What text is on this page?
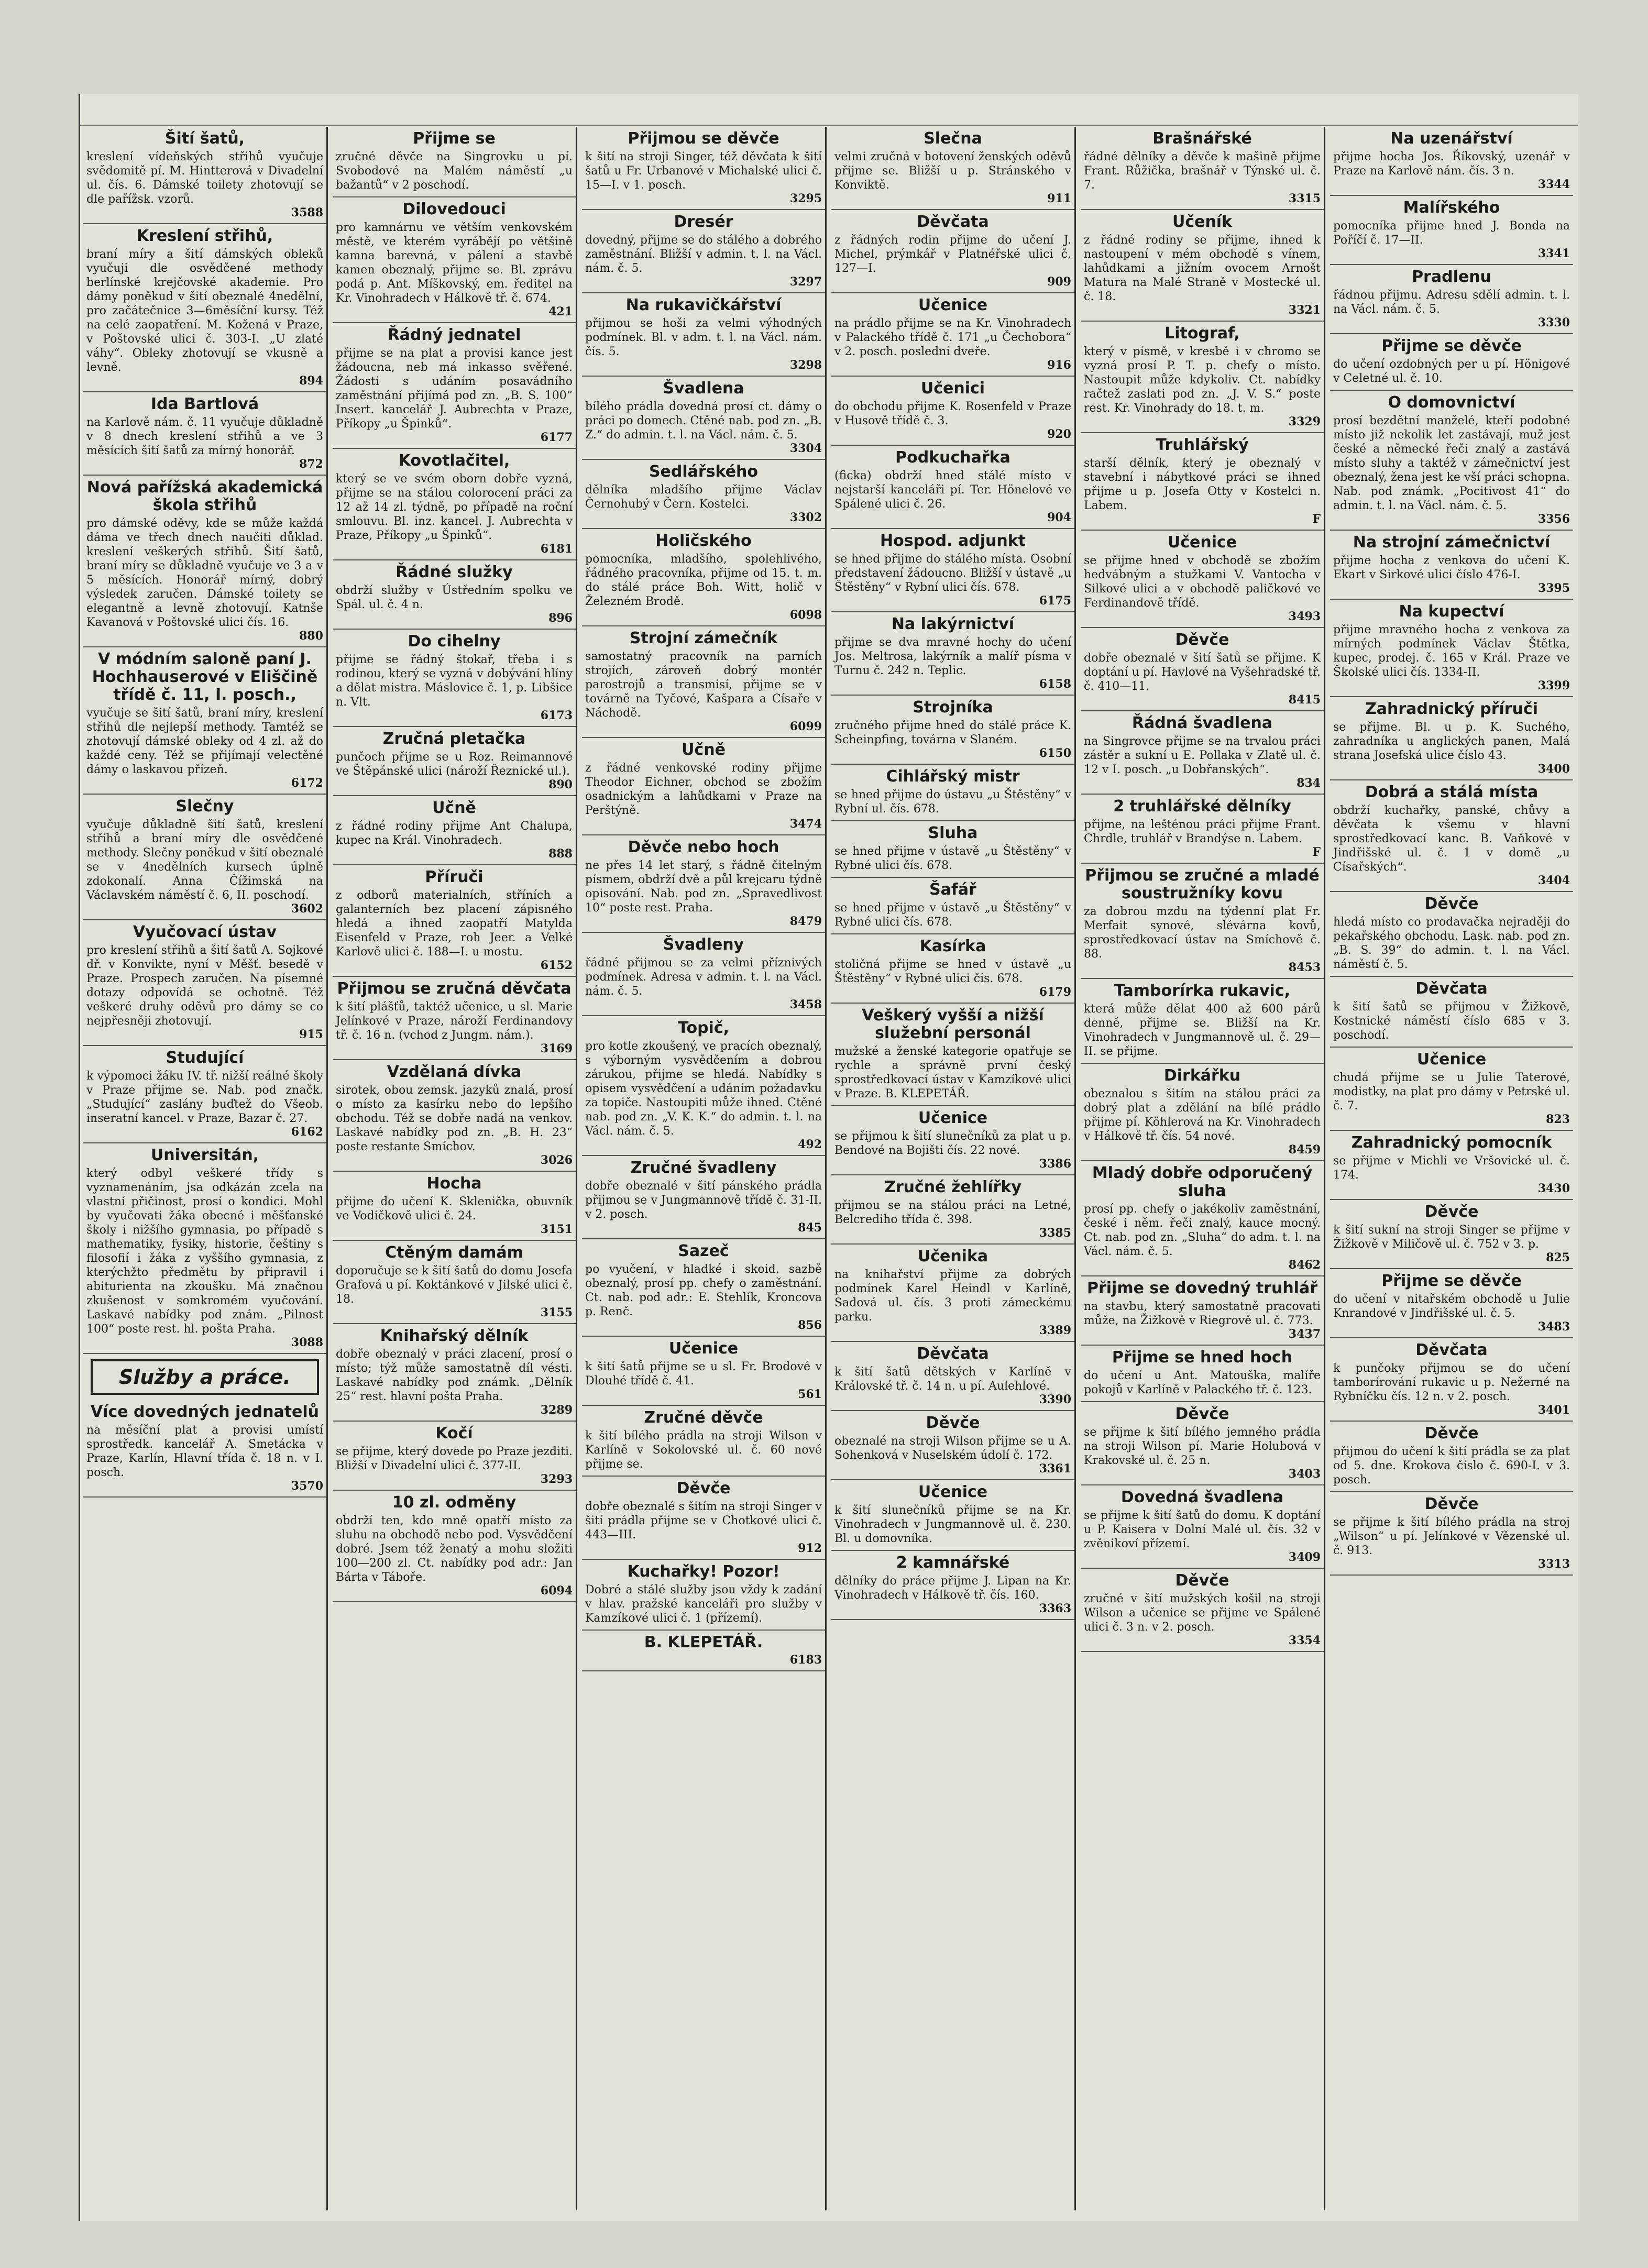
Šití šatů,

kreslení vídeňských střihů vyučuje svědomitě pí. M. Hintterová v Divadelní ul. čís. 6. Dámské toilety zhotovují se dle pařížsk. vzorů.

3588
Kreslení střihů,

braní míry a šití dámských obleků vyučuji dle osvědčené methody berlínské krejčovské akademie. Pro dámy poněkud v šití obeznalé 4nedělní, pro začátečnice 3—6měsíční kursy. Též na celé zaopatření. M. Kožená v Praze, v Poštovské ulici č. 303-I. „U zlaté váhy“. Obleky zhotovují se vkusně a levně.

894
Ida Bartlová

na Karlově nám. č. 11 vyučuje důkladně v 8 dnech kreslení střihů a ve 3 měsících šití šatů za mírný honorář.

872
Nová pařížská akademická škola střihů

pro dámské oděvy, kde se může každá dáma ve třech dnech naučiti důklad. kreslení veškerých střihů. Šití šatů, braní míry se důkladně vyučuje ve 3 a v 5 měsících. Honorář mírný, dobrý výsledek zaručen. Dámské toilety se elegantně a levně zhotovují. Katnše Kavanová v Poštovské ulici čís. 16.

880
V módním saloně paní J. Hochhauserové v Eliščině třídě č. 11, I. posch.,

vyučuje se šití šatů, braní míry, kreslení střihů dle nejlepší methody. Tamtéž se zhotovují dámské obleky od 4 zl. až do každé ceny. Též se přijímají velectěné dámy o laskavou přízeň.

6172
Slečny

vyučuje důkladně šití šatů, kreslení střihů a braní míry dle osvědčené methody. Slečny poněkud v šití obeznalé se v 4nedělních kursech úplně zdokonalí. Anna Čížimská na Václavském náměstí č. 6, II. poschodí.

3602
Vyučovací ústav

pro kreslení střihů a šití šatů A. Sojkové dř. v Konvikte, nyní v Měšť. besedě v Praze. Prospech zaručen. Na písemné dotazy odpovídá se ochotně. Též veškeré druhy oděvů pro dámy se co nejpřesněji zhotovují.

915
Studující

k výpomoci žáku IV. tř. nižší reálné školy v Praze přijme se. Nab. pod značk. „Studující“ zaslány buďtež do Všeob. inseratní kancel. v Praze, Bazar č. 27.

6162
Universitán,

který odbyl veškeré třídy s vyznamenáním, jsa odkázán zcela na vlastní přičinost, prosí o kondici. Mohl by vyučovati žáka obecné i měšťanské školy i nižšího gymnasia, po případě s mathematiky, fysiky, historie, češtiny s filosofií i žáka z vyššího gymnasia, z kterýchžto předmětu by připravil i abiturienta na zkoušku. Má značnou zkušenost v somkromém vyučování. Laskavé nabídky pod znám. „Pilnost 100“ poste rest. hl. pošta Praha.

3088
Služby a práce.
Více dovedných jednatelů

na měsíční plat a provisi umístí sprostředk. kancelář A. Smetácka v Praze, Karlín, Hlavní třída č. 18 n. v I. posch.

3570
Přijme se

zručné děvče na Singrovku u pí. Svobodové na Malém náměstí „u bažantů“ v 2 poschodí.

Dilovedouci

pro kamnárnu ve větším venkovském městě, ve kterém vyrábějí po většině kamna barevná, v pálení a stavbě kamen obeznalý, přijme se. Bl. zprávu podá p. Ant. Míškovský, em. ředitel na Kr. Vinohradech v Hálkově tř. č. 674.

421
Řádný jednatel

přijme se na plat a provisi kance jest žádoucna, neb má inkasso svěřené. Žádosti s udáním posavádního zaměstnání přijímá pod zn. „B. S. 100“ Insert. kancelář J. Aubrechta v Praze, Příkopy „u Špinků“.

6177
Kovotlačitel,

který se ve svém oborn dobře vyzná, přijme se na stálou colorocení práci za 12 až 14 zl. týdně, po případě na roční smlouvu. Bl. inz. kancel. J. Aubrechta v Praze, Příkopy „u Špinků“.

6181
Řádné služky

obdrží služby v Ústředním spolku ve Spál. ul. č. 4 n.

896
Do cihelny

přijme se řádný štokař, třeba i s rodinou, který se vyzná v dobývání hlíny a dělat mistra. Máslovice č. 1, p. Libšice n. Vlt.

6173
Zručná pletačka

punčoch přijme se u Roz. Reimannové ve Štěpánské ulici (nároží Řeznické ul.).

890
Učně

z řádné rodiny přijme Ant Chalupa, kupec na Král. Vinohradech.

888
Příruči

z odborů materialních, stříních a galanterních bez placení zápisného hledá a ihned zaopatří Matylda Eisenfeld v Praze, roh Jeer. a Velké Karlově ulici č. 188—I. u mostu.

6152
Přijmou se zručná děvčata

k šití plášťů, taktéž učenice, u sl. Marie Jelínkové v Praze, nároží Ferdinandovy tř. č. 16 n. (vchod z Jungm. nám.).

3169
Vzdělaná dívka

sirotek, obou zemsk. jazyků znalá, prosí o místo za kasírku nebo do lepšího obchodu. Též se dobře nadá na venkov. Laskavé nabídky pod zn. „B. H. 23“ poste restante Smíchov.

3026
Hocha

přijme do učení K. Sklenička, obuvník ve Vodičkově ulici č. 24.

3151
Ctěným damám

doporučuje se k šití šatů do domu Josefa Grafová u pí. Koktánkové v Jilské ulici č. 18.

3155
Knihařský dělník

dobře obeznalý v práci zlacení, prosí o místo; týž může samostatně díl vésti. Laskavé nabídky pod známk. „Dělník 25“ rest. hlavní pošta Praha.

3289
Kočí

se přijme, který dovede po Praze jezditi. Bližší v Divadelní ulici č. 377-II.

3293
10 zl. odměny

obdrží ten, kdo mně opatří místo za sluhu na obchodě nebo pod. Vysvědčení dobré. Jsem též ženatý a mohu složiti 100—200 zl. Ct. nabídky pod adr.: Jan Bárta v Táboře.

6094
Přijmou se děvče

k šití na stroji Singer, též děvčata k šití šatů u Fr. Urbanové v Michalské ulici č. 15—I. v 1. posch.

3295
Dresér

dovedný, přijme se do stálého a dobrého zaměstnání. Bližší v admin. t. l. na Václ. nám. č. 5.

3297
Na rukavičkářství

přijmou se hoši za velmi výhodných podmínek. Bl. v adm. t. l. na Václ. nám. čís. 5.

3298
Švadlena

bílého prádla dovedná prosí ct. dámy o práci po domech. Ctěné nab. pod zn. „B. Z.“ do admin. t. l. na Václ. nám. č. 5.

3304
Sedlářského

dělníka mladšího přijme Václav Černohubý v Čern. Kostelci.

3302
Holičského

pomocníka, mladšího, spolehlivého, řádného pracovníka, přijme od 15. t. m. do stálé práce Boh. Witt, holič v Železném Brodě.

6098
Strojní zámečník

samostatný pracovník na parních strojích, zároveň dobrý montér parostrojů a transmisí, přijme se v továrně na Tyčové, Kašpara a Císaře v Náchodě.

6099
Učně

z řádné venkovské rodiny přijme Theodor Eichner, obchod se zbožím osadnickým a lahůdkami v Praze na Perštýně.

3474
Děvče nebo hoch

ne přes 14 let starý, s řádně čitelným písmem, obdrží dvě a půl krejcaru týdně opisování. Nab. pod zn. „Spravedlivost 10“ poste rest. Praha.

8479
Švadleny

řádné přijmou se za velmi příznivých podmínek. Adresa v admin. t. l. na Václ. nám. č. 5.

3458
Topič,

pro kotle zkoušený, ve pracích obeznalý, s výborným vysvědčením a dobrou zárukou, přijme se hledá. Nabídky s opisem vysvědčení a udáním požadavku za topiče. Nastoupiti může ihned. Ctěné nab. pod zn. „V. K. K.“ do admin. t. l. na Václ. nám. č. 5.

492
Zručné švadleny

dobře obeznalé v šití pánského prádla přijmou se v Jungmannově třídě č. 31-II. v 2. posch.

845
Sazeč

po vyučení, v hladké i skoid. sazbě obeznalý, prosí pp. chefy o zaměstnání. Ct. nab. pod adr.: E. Stehlík, Kroncova p. Renč.

856
Učenice

k šití šatů přijme se u sl. Fr. Brodové v Dlouhé třídě č. 41.

561
Zručné děvče

k šití bílého prádla na stroji Wilson v Karlíně v Sokolovské ul. č. 60 nové přijme se.

Děvče

dobře obeznalé s šitím na stroji Singer v šití prádla přijme se v Chotkové ulici č. 443—III.

912
Kuchařky! Pozor!

Dobré a stálé služby jsou vždy k zadání v hlav. pražské kanceláři pro služby v Kamzíkové ulici č. 1 (přízemí).

B. KLEPETÁŘ.
6183
Slečna

velmi zručná v hotovení ženských oděvů přijme se. Bližší u p. Stránského v Konviktě.

911
Děvčata

z řádných rodin přijme do učení J. Michel, prýmkář v Platnéřské ulici č. 127—I.

909
Učenice

na prádlo přijme se na Kr. Vinohradech v Palackého třídě č. 171 „u Čechobora“ v 2. posch. poslední dveře.

916
Učenici

do obchodu přijme K. Rosenfeld v Praze v Husově třídě č. 3.

920
Podkuchařka

(ficka) obdrží hned stálé místo v nejstarší kanceláři pí. Ter. Hönelové ve Spálené ulici č. 26.

904
Hospod. adjunkt

se hned přijme do stálého místa. Osobní představení žádoucno. Bližší v ústavě „u Štěstěny“ v Rybní ulici čís. 678.

6175
Na lakýrnictví

přijme se dva mravné hochy do učení Jos. Meltrosa, lakýrník a malíř písma v Turnu č. 242 n. Teplic.

6158
Strojníka

zručného přijme hned do stálé práce K. Scheinpfing, továrna v Slaném.

6150
Cihlářský mistr

se hned přijme do ústavu „u Štěstěny“ v Rybní ul. čís. 678.

Sluha

se hned přijme v ústavě „u Štěstěny“ v Rybné ulici čís. 678.

Šafář

se hned přijme v ústavě „u Štěstěny“ v Rybné ulici čís. 678.

Kasírka

stoličná přijme se hned v ústavě „u Štěstěny“ v Rybné ulici čís. 678.

6179
Veškerý vyšší a nižší služební personál

mužské a ženské kategorie opatřuje se rychle a správně první český sprostředkovací ústav v Kamzíkové ulici v Praze. B. KLEPETÁŘ.

Učenice

se přijmou k šití slunečníků za plat u p. Bendové na Bojišti čís. 22 nové.

3386
Zručné žehlířky

přijmou se na stálou práci na Letné, Belcrediho třída č. 398.

3385
Učenika

na knihařství přijme za dobrých podmínek Karel Heindl v Karlíně, Sadová ul. čís. 3 proti zámeckému parku.

3389
Děvčata

k šití šatů dětských v Karlíně v Královské tř. č. 14 n. u pí. Aulehlové.

3390
Děvče

obeznalé na stroji Wilson přijme se u A. Sohenková v Nuselském údolí č. 172.

3361
Učenice

k šití slunečníků přijme se na Kr. Vinohradech v Jungmannově ul. č. 230. Bl. u domovníka.

2 kamnářské

dělníky do práce přijme J. Lipan na Kr. Vinohradech v Hálkově tř. čís. 160.

3363
Brašnářské

řádné dělníky a děvče k mašině přijme Frant. Růžička, brašnář v Týnské ul. č. 7.

3315
Učeník

z řádné rodiny se přijme, ihned k nastoupení v mém obchodě s vínem, lahůdkami a jižním ovocem Arnošt Matura na Malé Straně v Mostecké ul. č. 18.

3321
Litograf,

který v písmě, v kresbě i v chromo se vyzná prosí P. T. p. chefy o místo. Nastoupit může kdykoliv. Ct. nabídky račtež zaslati pod zn. „J. V. S.“ poste rest. Kr. Vinohrady do 18. t. m.

3329
Truhlářský

starší dělník, který je obeznalý v stavební i nábytkové práci se ihned přijme u p. Josefa Otty v Kostelci n. Labem.

F
Učenice

se přijme hned v obchodě se zbožím hedvábným a stužkami V. Vantocha v Silkové ulici a v obchodě paličkové ve Ferdinandově třídě.

3493
Děvče

dobře obeznalé v šití šatů se přijme. K doptání u pí. Havlové na Vyšehradské tř. č. 410—11.

8415
Řádná švadlena

na Singrovce přijme se na trvalou práci zástěr a sukní u E. Pollaka v Zlatě ul. č. 12 v I. posch. „u Dobřanských“.

834
2 truhlářské dělníky

přijme, na lešténou práci přijme Frant. Chrdle, truhlář v Brandýse n. Labem.

F
Přijmou se zručné a mladé soustružníky kovu

za dobrou mzdu na týdenní plat Fr. Merfait synové, slévárna kovů, sprostředkovací ústav na Smíchově č. 88.

8453
Tamborírka rukavic,

která může dělat 400 až 600 párů denně, přijme se. Bližší na Kr. Vinohradech v Jungmannově ul. č. 29—II. se přijme.

Dirkářku

obeznalou s šitím na stálou práci za dobrý plat a zdělání na bílé prádlo přijme pí. Köhlerová na Kr. Vinohradech v Hálkově tř. čís. 54 nové.

8459
Mladý dobře odporučený sluha

prosí pp. chefy o jakékoliv zaměstnání, české i něm. řeči znalý, kauce mocný. Ct. nab. pod zn. „Sluha“ do adm. t. l. na Václ. nám. č. 5.

8462
Přijme se dovedný truhlář

na stavbu, který samostatně pracovati může, na Žižkově v Riegrově ul. č. 773.

3437
Přijme se hned hoch

do učení u Ant. Matouška, malíře pokojů v Karlíně v Palackého tř. č. 123.

Děvče

se přijme k šití bílého jemného prádla na stroji Wilson pí. Marie Holubová v Krakovské ul. č. 25 n.

3403
Dovedná švadlena

se přijme k šití šatů do domu. K doptání u P. Kaisera v Dolní Malé ul. čís. 32 v zvěnikoví přízemí.

3409
Děvče

zručné v šití mužských košil na stroji Wilson a učenice se přijme ve Spálené ulici č. 3 n. v 2. posch.

3354
Na uzenářství

přijme hocha Jos. Říkovský, uzenář v Praze na Karlově nám. čís. 3 n.

3344
Malířského

pomocníka přijme hned J. Bonda na Poříčí č. 17—II.

3341
Pradlenu

řádnou přijmu. Adresu sdělí admin. t. l. na Václ. nám. č. 5.

3330
Přijme se děvče

do učení ozdobných per u pí. Hönigové v Celetné ul. č. 10.

O domovnictví

prosí bezdětní manželé, kteří podobné místo již nekolik let zastávají, muž jest české a německé řeči znalý a zastává místo sluhy a taktéž v zámečnictví jest obeznalý, žena jest ke vší práci schopna. Nab. pod známk. „Pocitivost 41“ do admin. t. l. na Václ. nám. č. 5.

3356
Na strojní zámečnictví

přijme hocha z venkova do učení K. Ekart v Sirkové ulici číslo 476-I.

3395
Na kupectví

přijme mravného hocha z venkova za mírných podmínek Václav Štětka, kupec, prodej. č. 165 v Král. Praze ve Školské ulici čís. 1334-II.

3399
Zahradnický příruči

se přijme. Bl. u p. K. Suchého, zahradníka u anglických panen, Malá strana Josefská ulice číslo 43.

3400
Dobrá a stálá místa

obdrží kuchařky, panské, chůvy a děvčata k všemu v hlavní sprostředkovací kanc. B. Vaňkové v Jindřišské ul. č. 1 v domě „u Císařských“.

3404
Děvče

hledá místo co prodavačka nejraději do pekařského obchodu. Lask. nab. pod zn. „B. S. 39“ do admin. t. l. na Václ. náměstí č. 5.

Děvčata

k šití šatů se přijmou v Žižkově, Kostnické náměstí číslo 685 v 3. poschodí.

Učenice

chudá přijme se u Julie Taterové, modistky, na plat pro dámy v Petrské ul. č. 7.

823
Zahradnický pomocník

se přijme v Michli ve Vršovické ul. č. 174.

3430
Děvče

k šití sukní na stroji Singer se přijme v Žižkově v Miličově ul. č. 752 v 3. p.

825
Přijme se děvče

do učení v nitařském obchodě u Julie Knrandové v Jindřišské ul. č. 5.

3483
Děvčata

k punčoky přijmou se do učení tamborírování rukavic u p. Nežerné na Rybníčku čís. 12 n. v 2. posch.

3401
Děvče

přijmou do učení k šití prádla se za plat od 5. dne. Krokova číslo č. 690-I. v 3. posch.

Děvče

se přijme k šití bílého prádla na stroj „Wilson“ u pí. Jelínkové v Vězenské ul. č. 913.

3313
